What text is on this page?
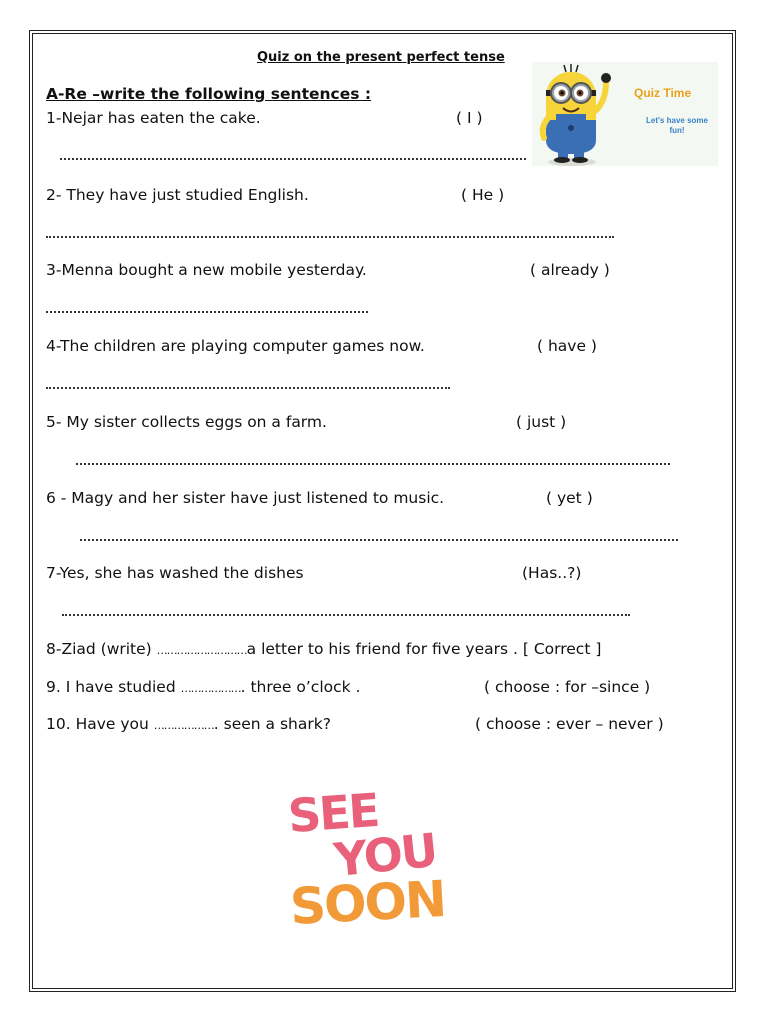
Quiz on the present perfect tense
A-Re –write the following sentences :
1-Nejar has eaten the cake.	( I )
2- They have just studied English.	( He )
3-Menna bought a new mobile yesterday.	( already )
4-The children are playing computer games now.	( have )
5- My sister collects eggs on a farm.	( just )
6 - Magy and her sister have just listened to music.	( yet )
7-Yes, she has washed the dishes	(Has..?)
8-Ziad (write) ………………………a letter to his friend for five years . [ Correct ]
9. I have studied ………………. three o’clock .	( choose : for –since )
10. Have you ………………. seen a shark?	( choose : ever – never )
Quiz Time
Let's have some fun!
SEE
YOU
SOON
